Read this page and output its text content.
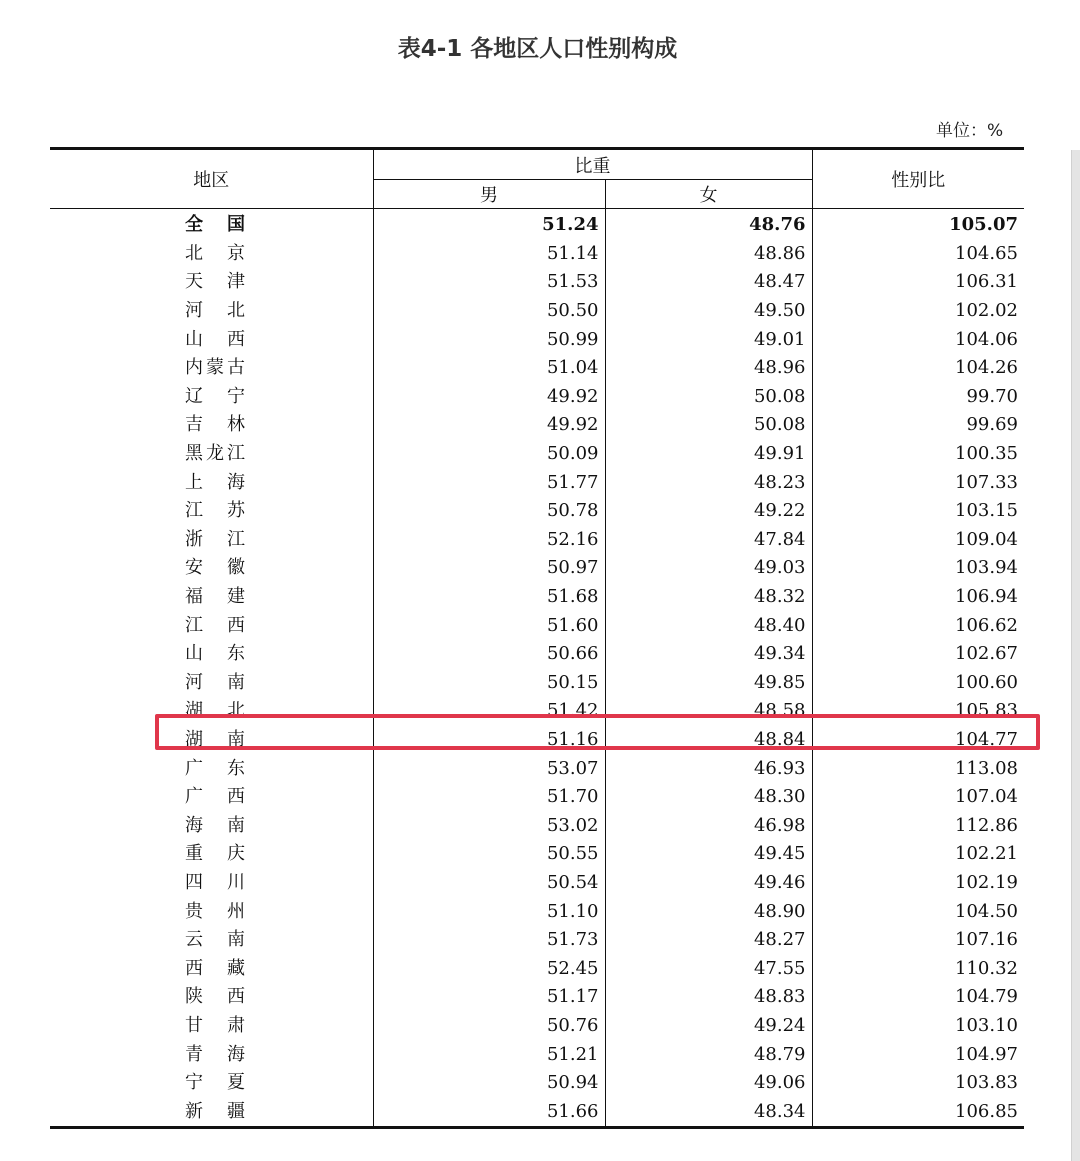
表4-1 各地区人口性别构成
单位：%
地区	比重		性别比
	男	女	
全国	51.24	48.76	105.07
北京	51.14	48.86	104.65
天津	51.53	48.47	106.31
河北	50.50	49.50	102.02
山西	50.99	49.01	104.06
内蒙古	51.04	48.96	104.26
辽宁	49.92	50.08	99.70
吉林	49.92	50.08	99.69
黑龙江	50.09	49.91	100.35
上海	51.77	48.23	107.33
江苏	50.78	49.22	103.15
浙江	52.16	47.84	109.04
安徽	50.97	49.03	103.94
福建	51.68	48.32	106.94
江西	51.60	48.40	106.62
山东	50.66	49.34	102.67
河南	50.15	49.85	100.60
湖北	51.42	48.58	105.83
湖南	51.16	48.84	104.77
广东	53.07	46.93	113.08
广西	51.70	48.30	107.04
海南	53.02	46.98	112.86
重庆	50.55	49.45	102.21
四川	50.54	49.46	102.19
贵州	51.10	48.90	104.50
云南	51.73	48.27	107.16
西藏	52.45	47.55	110.32
陕西	51.17	48.83	104.79
甘肃	50.76	49.24	103.10
青海	51.21	48.79	104.97
宁夏	50.94	49.06	103.83
新疆	51.66	48.34	106.85
